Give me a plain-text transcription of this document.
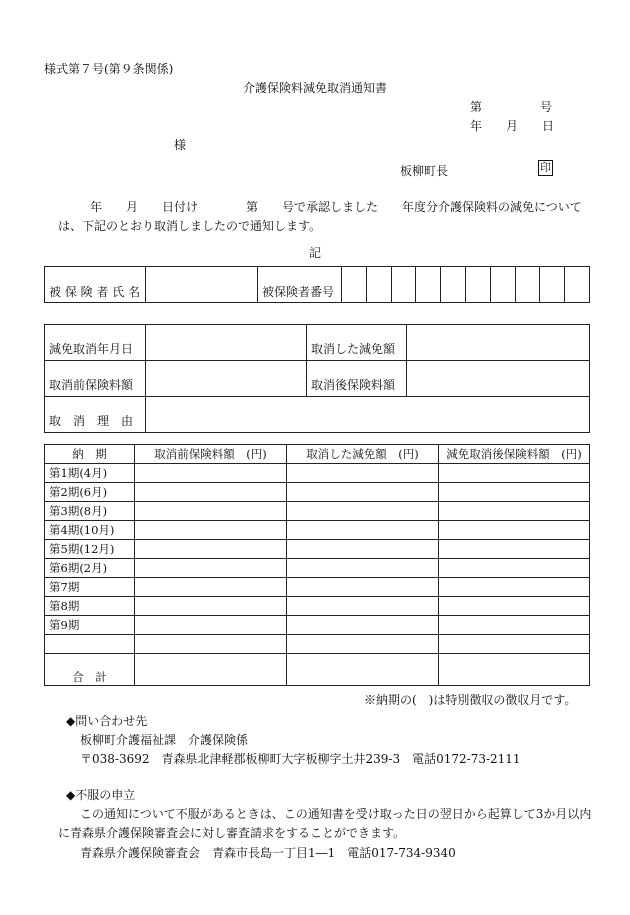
様式第７号(第９条関係)
介護保険料減免取消通知書
第	号
年 月 日
様
板柳町長	印
年　　月　　日付け　　　　第　　号で承認しました　　年度分介護保険料の減免について
は、下記のとおり取消しましたので通知します。
記
被 保 険 者 氏 名		被保険者番号										
減免取消年月日		取消した減免額	
取消前保険料額		取消後保険料額	
取　消　理　由			
納　期	取消前保険料額　(円)	取消した減免額　(円)	減免取消後保険料額　(円)
第1期(4月)			
第2期(6月)			
第3期(8月)			
第4期(10月)			
第5期(12月)			
第6期(2月)			
第7期			
第8期			
第9期			

合　計			
※納期の(　)は特別徴収の徴収月です。
◆問い合わせ先
板柳町介護福祉課　介護保険係
〒038-3692　青森県北津軽郡板柳町大字板柳字土井239-3　電話0172-73-2111
◆不服の申立
この通知について不服があるときは、この通知書を受け取った日の翌日から起算して3か月以内
に青森県介護保険審査会に対し審査請求をすることができます。
青森県介護保険審査会　青森市長島一丁目1―1　電話017-734-9340
